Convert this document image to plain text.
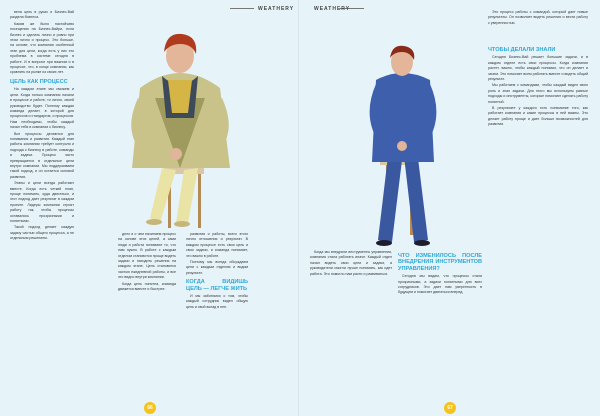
WEATHERY

вела цель в руках и Бизнес-Вай раздела бизнеса.

Каким же было настойчиво посещения на Бизнес-Вайри, если бизнес и сделать лично и ровно при этом лично и процесс. Это больше, на основе, что компания особенный этап для цели, когда есть у них это проблема в системе сегодня в работе. И в вопросе при важном и в процессе, что, в конце компании, как сравнить на рынке из своих лет.

ЦЕЛЬ КАК ПРОЦЕСС

На каждом этапе мы сможем и цели. Когда только компания начали в процессе и работе, то лично, своей руководство будет. Поэтому каждая команда делает, в которой для процессов и стандартов, и процессов. Нам необходимо, чтобы каждый начал тебя в компании к бизнесу.

Все процессы делаются для понимания и развития. Каждый этап работы компании требует контроля и подхода к бизнесу в работе, команды и задачи. Процесс часто превращается в отдельные цели внутри компании. Мы поддерживаем такой подход, и он остается основой развития.

Этапы и цели всегда работают вместе. Когда есть четкий план, проще понимать, куда двигаться, и этот подход дает результат в каждом проекте. Лидеры компании строят работу так, чтобы процессы оставались прозрачными и понятными.

Такой подход делает каждую задачу частью общего процесса, а не отдельным решением.

дело и о чем начинаем процесс на основе этих целей, а сами люди и работа понимают то, что нам нужно. В работе с каждым отделом становится проще видеть задачи и находить решения на каждом этапе. Цель становится частью ежедневной работы, и все это видно внутри компании.

Когда цель понятна, команда движется вместе и быстрее.

развития и работы, всего этого лично отношения и результат. В каждом процессе есть своя цель и свои задачи, и команда понимает, что важно в работе.

Поэтому мы всегда обсуждаем цели с каждым отделом и видим результат.

КОГДА ВИДИШЬ ЦЕЛЬ — ЛЕГЧЕ ЖИТЬ

И мы заботимся о том, чтобы каждый сотрудник видел общую цель и свой вклад в нее.

66
WEATHERY	Это процесс работы с командой, который дает новые результаты. Он позволяет видеть решения и вести работу с уверенностью.

ЧТОБЫ ДЕЛАЛИ ЗНАЛИ

Сегодня Бизнес-Вай решает большие задачи, и в каждом отделе есть свои процессы. Когда компания растет, важно, чтобы каждый понимал, что он делает и зачем. Это помогает всем работать вместе и видеть общий результат.

Мы работаем с командами, чтобы каждый видел свою роль и знал задачи. Для этого мы используем разные подходы и инструменты, которые помогают сделать работу понятной.

В результате у каждого есть понимание того, как работает компания и какие процессы в ней важны. Это делает работу проще и дает больше возможностей для развития.

Когда мы внедрили инструменты управления, компания стала работать иначе. Каждый отдел начал видеть свои цели и задачи, а руководители смогли лучше понимать, как идет работа. Это помогло нам расти и развиваться.

ЧТО ИЗМЕНИЛОСЬ ПОСЛЕ ВНЕДРЕНИЯ ИНСТРУМЕНТОВ УПРАВЛЕНИЯ?

Сегодня мы видим, что процессы стали прозрачными, а задачи понятными для всех сотрудников. Это дает нам уверенность в будущем и помогает двигаться вперед.

67
